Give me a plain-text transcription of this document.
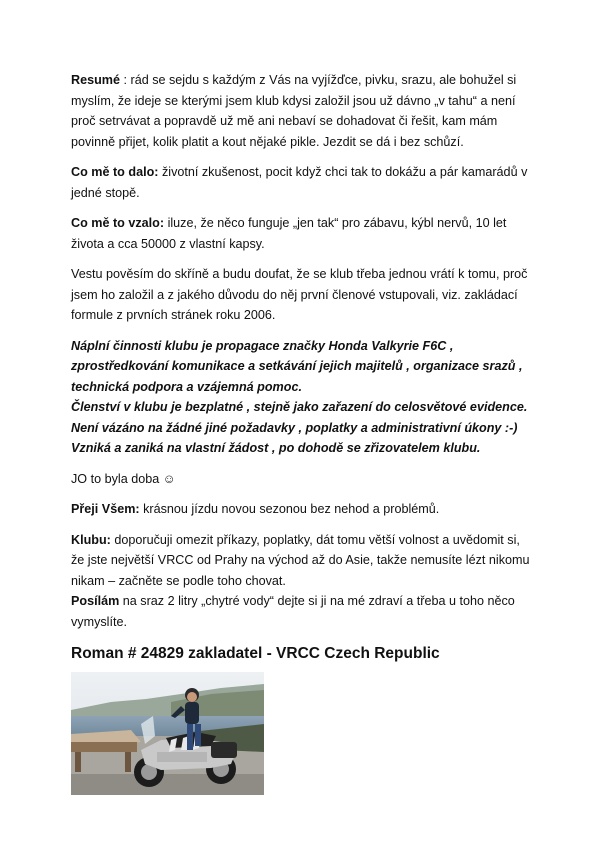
Resumé : rád se sejdu s každým z Vás na vyjížďce, pivku, srazu, ale bohužel si myslím, že ideje se kterými jsem klub kdysi založil jsou už dávno „v tahu“ a není proč setrvávat a popravdě už mě ani nebaví se dohadovat či řešit, kam mám povinně přijet, kolik platit a kout nějaké pikle. Jezdit se dá i bez schůzí.

Co mě to dalo: životní zkušenost, pocit když chci tak to dokážu a pár kamarádů v jedné stopě.

Co mě to vzalo: iluze, že něco funguje „jen tak“ pro zábavu, kýbl nervů, 10 let života a cca 50000 z vlastní kapsy.

Vestu pověsím do skříně a budu doufat, že se klub třeba jednou vrátí k tomu, proč jsem ho založil a z jakého důvodu do něj první členové vstupovali, viz. zakládací formule z prvních stránek roku 2006.

Náplní činnosti klubu je propagace značky Honda Valkyrie F6C , zprostředkování komunikace a setkávání jejich majitelů , organizace srazů , technická podpora a vzájemná pomoc.

Členství v klubu je bezplatné , stejně jako zařazení do celosvětové evidence. Není vázáno na žádné jiné požadavky , poplatky a administrativní úkony :-)

Vzniká a zaniká na vlastní žádost , po dohodě se zřizovatelem klubu.

JO to byla doba ☺

Přeji Všem: krásnou jízdu novou sezonou bez nehod a problémů.

Klubu: doporučuji omezit příkazy, poplatky, dát tomu větší volnost a uvědomit si, že jste největší VRCC od Prahy na východ až do Asie, takže nemusíte lézt nikomu nikam – začněte se podle toho chovat.

Posílám na sraz 2 litry „chytré vody“ dejte si ji na mé zdraví a třeba u toho něco vymyslíte.

Roman # 24829 zakladatel - VRCC Czech Republic
